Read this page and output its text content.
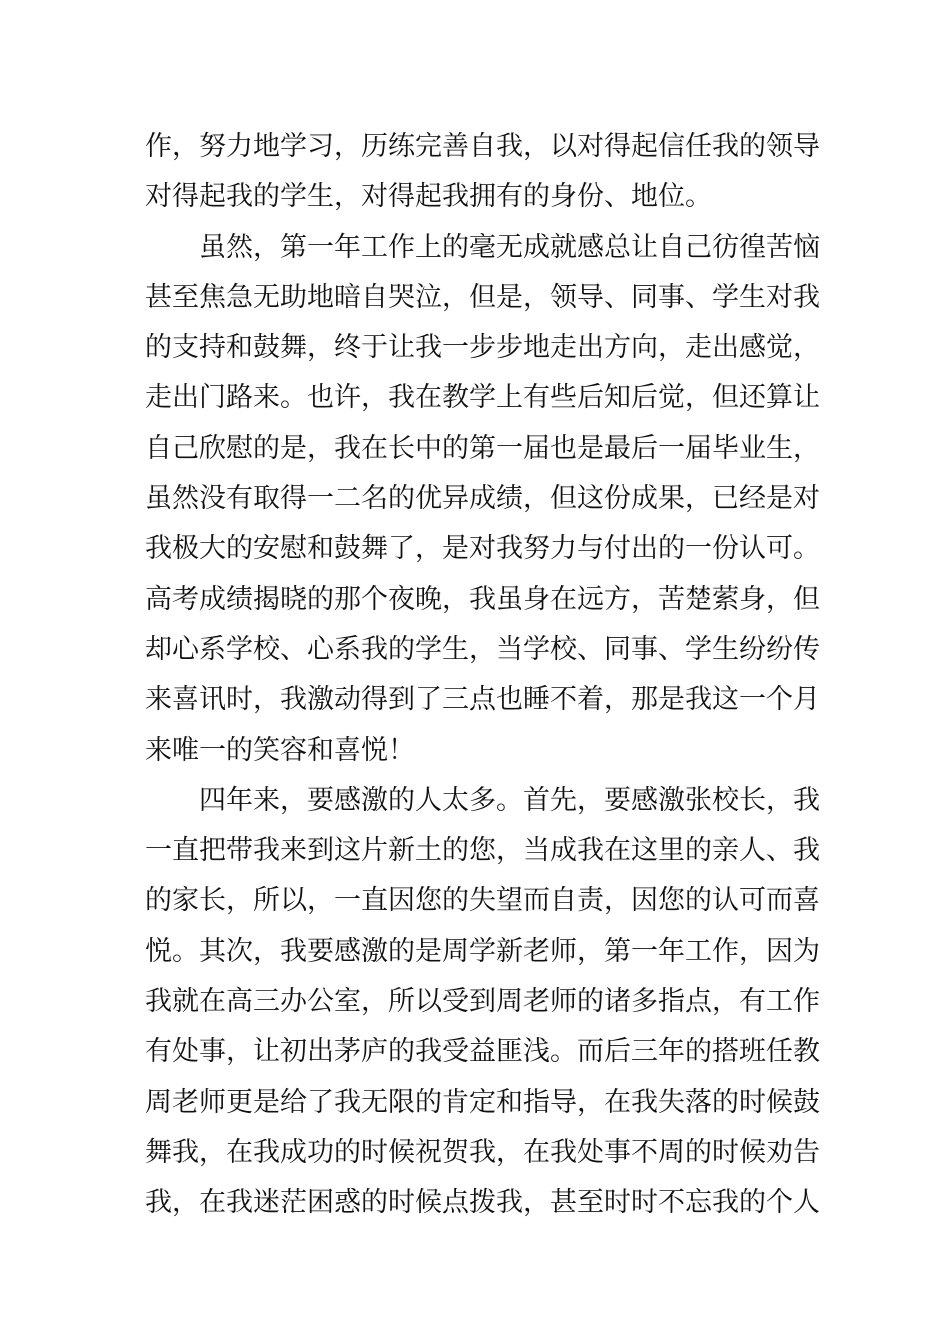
作，努力地学习，历练完善自我，以对得起信任我的领导
对得起我的学生，对得起我拥有的身份、地位。
虽然，第一年工作上的毫无成就感总让自己彷徨苦恼
甚至焦急无助地暗自哭泣，但是，领导、同事、学生对我
的支持和鼓舞，终于让我一步步地走出方向，走出感觉，
走出门路来。也许，我在教学上有些后知后觉，但还算让
自己欣慰的是，我在长中的第一届也是最后一届毕业生，
虽然没有取得一二名的优异成绩，但这份成果，已经是对
我极大的安慰和鼓舞了，是对我努力与付出的一份认可。
高考成绩揭晓的那个夜晚，我虽身在远方，苦楚萦身，但
却心系学校、心系我的学生，当学校、同事、学生纷纷传
来喜讯时，我激动得到了三点也睡不着，那是我这一个月
来唯一的笑容和喜悦！
四年来，要感激的人太多。首先，要感激张校长，我
一直把带我来到这片新土的您，当成我在这里的亲人、我
的家长，所以，一直因您的失望而自责，因您的认可而喜
悦。其次，我要感激的是周学新老师，第一年工作，因为
我就在高三办公室，所以受到周老师的诸多指点，有工作
有处事，让初出茅庐的我受益匪浅。而后三年的搭班任教
周老师更是给了我无限的肯定和指导，在我失落的时候鼓
舞我，在我成功的时候祝贺我，在我处事不周的时候劝告
我，在我迷茫困惑的时候点拨我，甚至时时不忘我的个人
